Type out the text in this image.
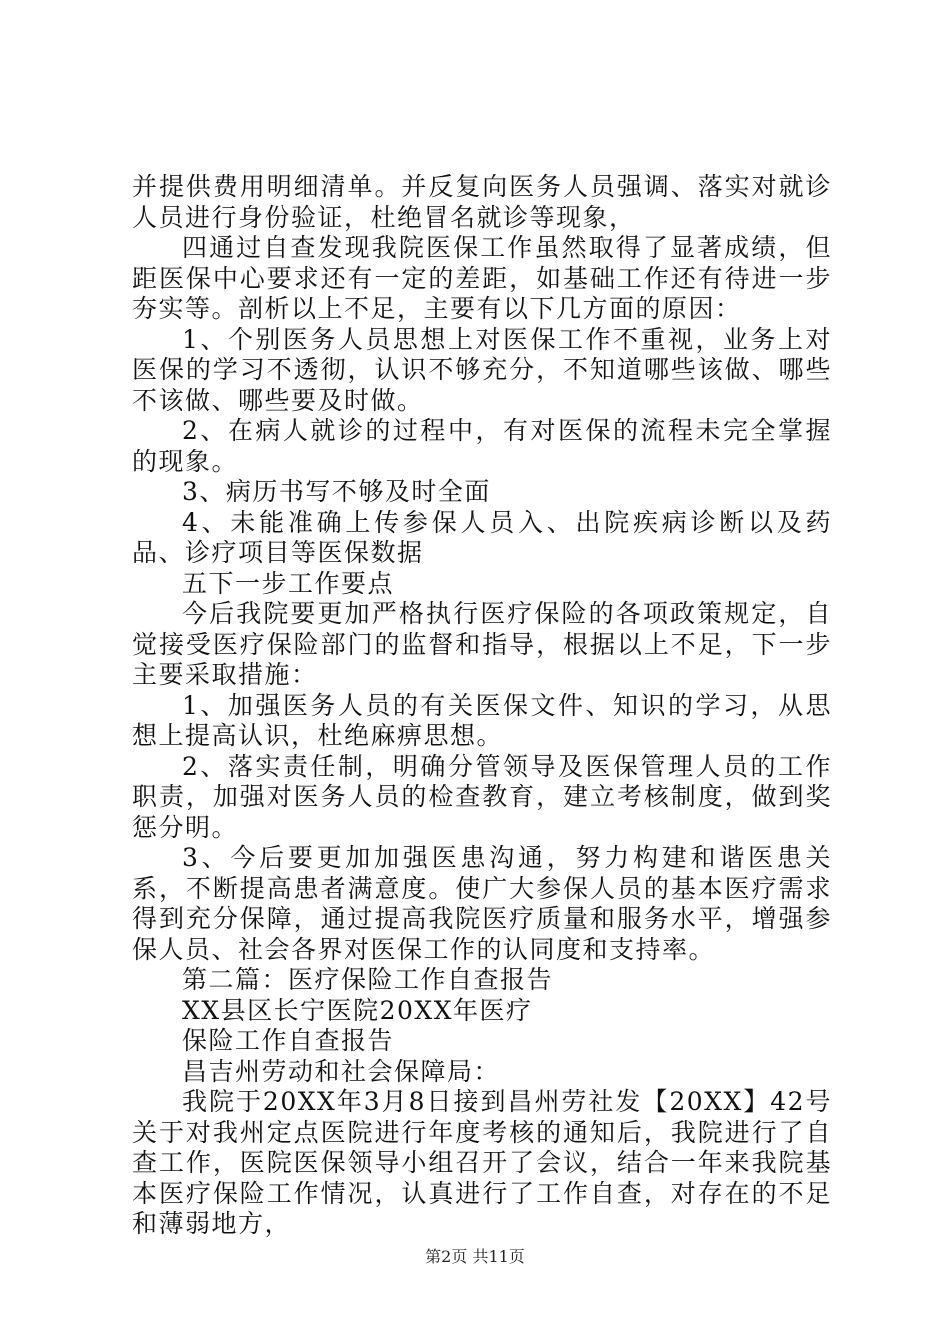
并提供费用明细清单。并反复向医务人员强调、落实对就诊人员进行身份验证，杜绝冒名就诊等现象，

四通过自查发现我院医保工作虽然取得了显著成绩，但距医保中心要求还有一定的差距，如基础工作还有待进一步夯实等。剖析以上不足，主要有以下几方面的原因：

1、个别医务人员思想上对医保工作不重视，业务上对医保的学习不透彻，认识不够充分，不知道哪些该做、哪些不该做、哪些要及时做。

2、在病人就诊的过程中，有对医保的流程未完全掌握的现象。

3、病历书写不够及时全面

4、未能准确上传参保人员入、出院疾病诊断以及药品、诊疗项目等医保数据

五下一步工作要点

今后我院要更加严格执行医疗保险的各项政策规定，自觉接受医疗保险部门的监督和指导，根据以上不足，下一步主要采取措施：

1、加强医务人员的有关医保文件、知识的学习，从思想上提高认识，杜绝麻痹思想。

2、落实责任制，明确分管领导及医保管理人员的工作职责，加强对医务人员的检查教育，建立考核制度，做到奖惩分明。

3、今后要更加加强医患沟通，努力构建和谐医患关系，不断提高患者满意度。使广大参保人员的基本医疗需求得到充分保障，通过提高我院医疗质量和服务水平，增强参保人员、社会各界对医保工作的认同度和支持率。

第二篇：医疗保险工作自查报告

XX县区长宁医院20XX年医疗

保险工作自查报告

昌吉州劳动和社会保障局：

我院于20XX年3月8日接到昌州劳社发【20XX】42号关于对我州定点医院进行年度考核的通知后，我院进行了自查工作，医院医保领导小组召开了会议，结合一年来我院基本医疗保险工作情况，认真进行了工作自查，对存在的不足和薄弱地方，

第2页 共11页
